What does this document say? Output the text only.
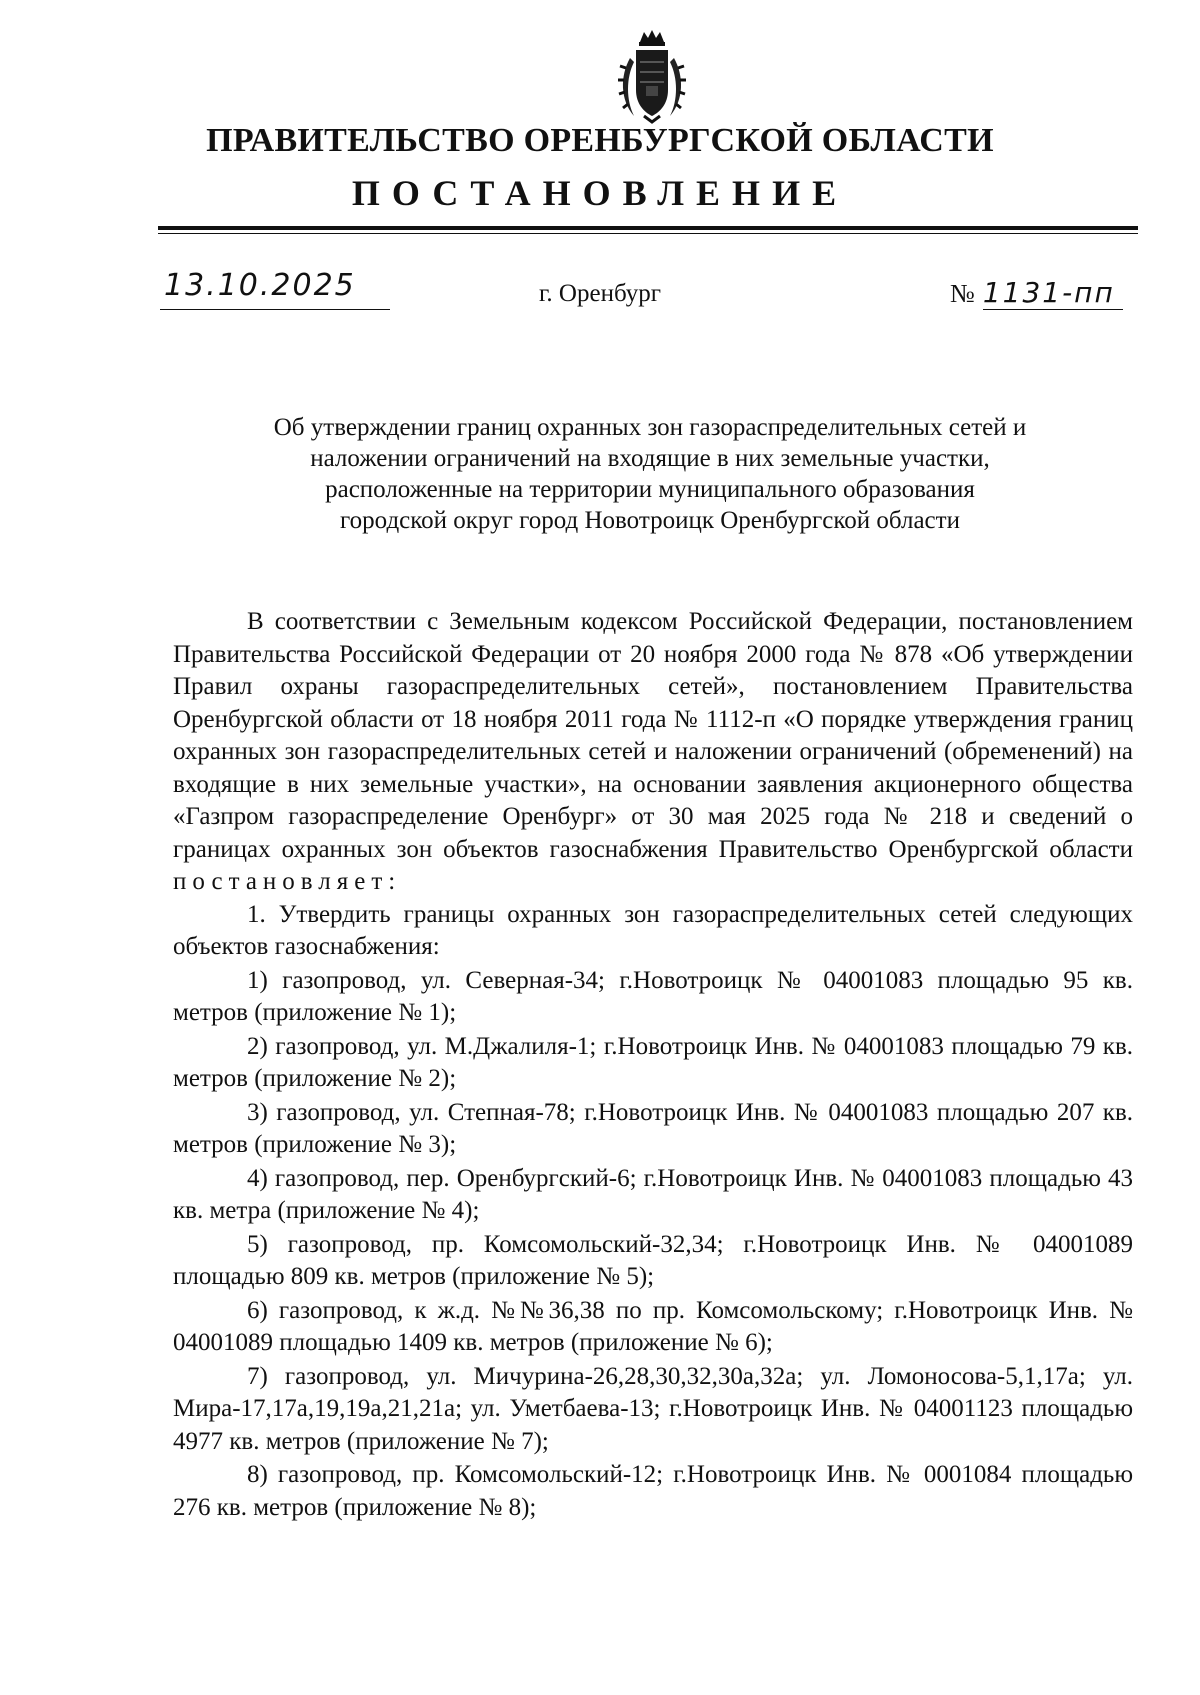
ПРАВИТЕЛЬСТВО ОРЕНБУРГСКОЙ ОБЛАСТИ
ПОСТАНОВЛЕНИЕ
13.10.2025	г. Оренбург	№ 1131-пп
Об утверждении границ охранных зон газораспределительных сетей и
наложении ограничений на входящие в них земельные участки,
расположенные на территории муниципального образования
городской округ город Новотроицк Оренбургской области

В соответствии с Земельным кодексом Российской Федерации, постановлением Правительства Российской Федерации от 20 ноября 2000 года № 878 «Об утверждении Правил охраны газораспределительных сетей», постановлением Правительства Оренбургской области от 18 ноября 2011 года № 1112-п «О порядке утверждения границ охранных зон газораспределительных сетей и наложении ограничений (обременений) на входящие в них земельные участки», на основании заявления акционерного общества «Газпром газораспределение Оренбург» от 30 мая 2025 года № 218 и сведений о границах охранных зон объектов газоснабжения Правительство Оренбургской области постановляет:

1. Утвердить границы охранных зон газораспределительных сетей следующих объектов газоснабжения:

1) газопровод, ул. Северная-34; г.Новотроицк № 04001083 площадью 95 кв. метров (приложение № 1);

2) газопровод, ул. М.Джалиля-1; г.Новотроицк Инв. № 04001083 площадью 79 кв. метров (приложение № 2);

3) газопровод, ул. Степная-78; г.Новотроицк Инв. № 04001083 площадью 207 кв. метров (приложение № 3);

4) газопровод, пер. Оренбургский-6; г.Новотроицк Инв. № 04001083 площадью 43 кв. метра (приложение № 4);

5) газопровод, пр. Комсомольский-32,34; г.Новотроицк Инв. № 04001089 площадью 809 кв. метров (приложение № 5);

6) газопровод, к ж.д. №№36,38 по пр. Комсомольскому; г.Новотроицк Инв. № 04001089 площадью 1409 кв. метров (приложение № 6);

7) газопровод, ул. Мичурина-26,28,30,32,30а,32а; ул. Ломоносова-5,1,17а; ул. Мира-17,17а,19,19а,21,21а; ул. Уметбаева-13; г.Новотроицк Инв. № 04001123 площадью 4977 кв. метров (приложение № 7);

8) газопровод, пр. Комсомольский-12; г.Новотроицк Инв. № 0001084 площадью 276 кв. метров (приложение № 8);
